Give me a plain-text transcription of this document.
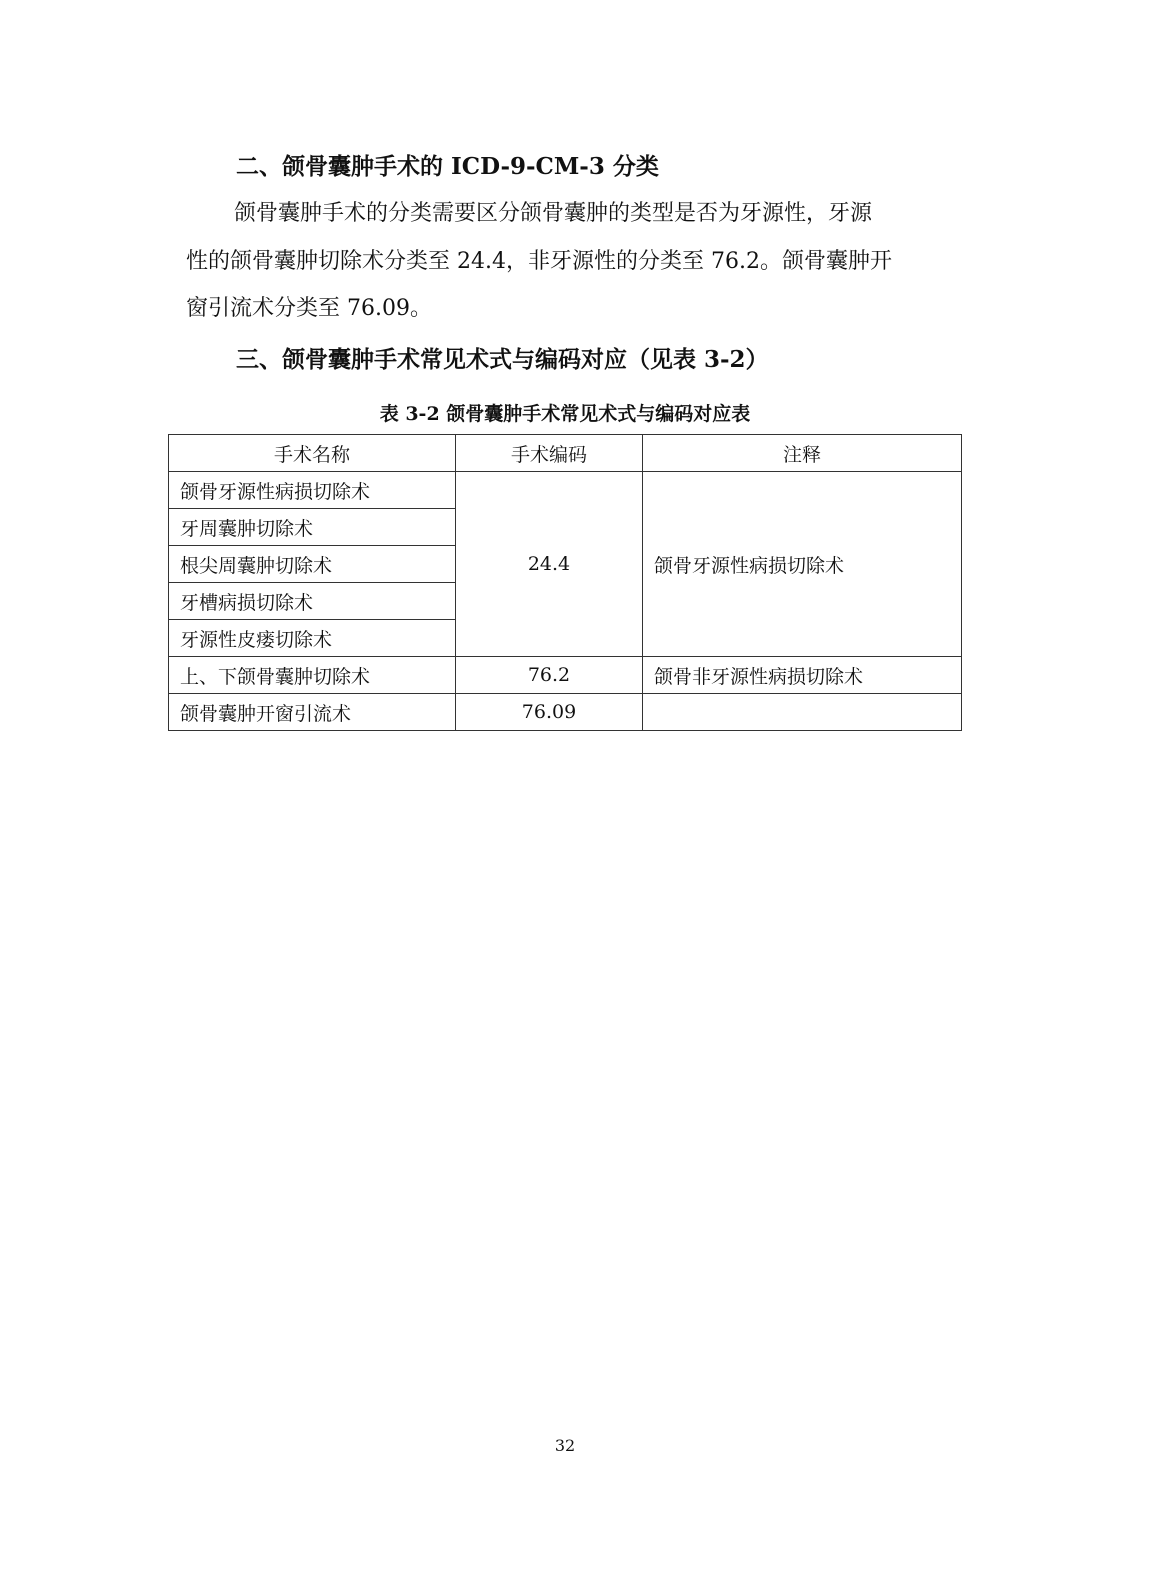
二、颌骨囊肿手术的 ICD-9-CM-3 分类

颌骨囊肿手术的分类需要区分颌骨囊肿的类型是否为牙源性，牙源
性的颌骨囊肿切除术分类至 24.4，非牙源性的分类至 76.2。颌骨囊肿开
窗引流术分类至 76.09。

三、颌骨囊肿手术常见术式与编码对应（见表 3-2）

表 3-2 颌骨囊肿手术常见术式与编码对应表

手术名称	手术编码	注释
颌骨牙源性病损切除术	24.4	颌骨牙源性病损切除术
牙周囊肿切除术		
根尖周囊肿切除术		
牙槽病损切除术		
牙源性皮瘘切除术		
上、下颌骨囊肿切除术	76.2	颌骨非牙源性病损切除术
颌骨囊肿开窗引流术	76.09	
32
